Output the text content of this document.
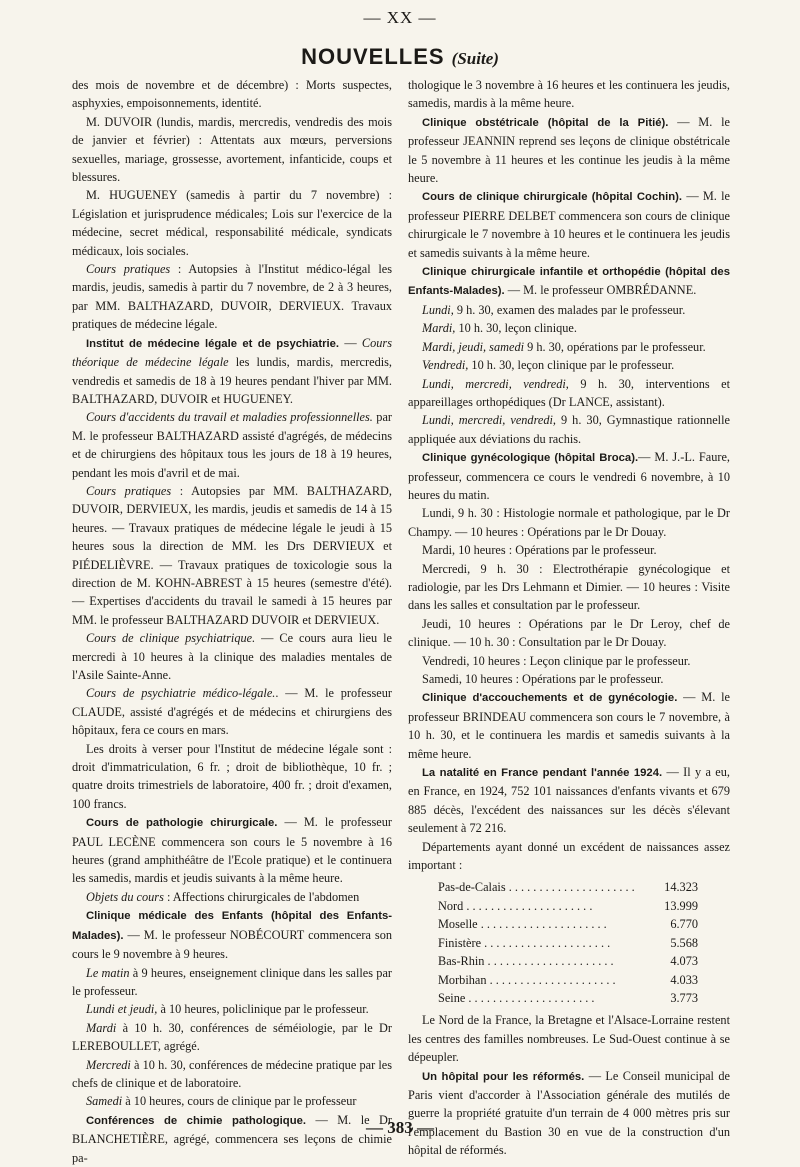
— XX —
NOUVELLES (Suite)

des mois de novembre et de décembre) : Morts suspectes, asphyxies, empoisonnements, identité.

M. DUVOIR (lundis, mardis, mercredis, vendredis des mois de janvier et février) : Attentats aux mœurs, perversions sexuelles, mariage, grossesse, avortement, infanticide, coups et blessures.

M. HUGUENEY (samedis à partir du 7 novembre) : Législation et jurisprudence médicales; Lois sur l'exercice de la médecine, secret médical, responsabilité médicale, syndicats médicaux, lois sociales.

Cours pratiques : Autopsies à l'Institut médico-légal les mardis, jeudis, samedis à partir du 7 novembre, de 2 à 3 heures, par MM. BALTHAZARD, DUVOIR, DERVIEUX. Travaux pratiques de médecine légale.

Institut de médecine légale et de psychiatrie. — Cours théorique de médecine légale les lundis, mardis, mercredis, vendredis et samedis de 18 à 19 heures pendant l'hiver par MM. BALTHAZARD, DUVOIR et HUGUENEY.

Cours d'accidents du travail et maladies professionnelles. par M. le professeur BALTHAZARD assisté d'agrégés, de médecins et de chirurgiens des hôpitaux tous les jours de 18 à 19 heures, pendant les mois d'avril et de mai.

Cours pratiques : Autopsies par MM. BALTHAZARD, DUVOIR, DERVIEUX, les mardis, jeudis et samedis de 14 à 15 heures. — Travaux pratiques de médecine légale le jeudi à 15 heures sous la direction de MM. les Drs DERVIEUX et PIÉDELIÈVRE. — Travaux pratiques de toxicologie sous la direction de M. KOHN-ABREST à 15 heures (semestre d'été). — Expertises d'accidents du travail le samedi à 15 heures par MM. le professeur BALTHAZARD DUVOIR et DERVIEUX.

Cours de clinique psychiatrique. — Ce cours aura lieu le mercredi à 10 heures à la clinique des maladies mentales de l'Asile Sainte-Anne.

Cours de psychiatrie médico-légale.. — M. le professeur CLAUDE, assisté d'agrégés et de médecins et chirurgiens des hôpitaux, fera ce cours en mars.

Les droits à verser pour l'Institut de médecine légale sont : droit d'immatriculation, 6 fr. ; droit de bibliothèque, 10 fr. ; quatre droits trimestriels de laboratoire, 400 fr. ; droit d'examen, 100 francs.

Cours de pathologie chirurgicale. — M. le professeur PAUL LECÈNE commencera son cours le 5 novembre à 16 heures (grand amphithéâtre de l'Ecole pratique) et le continuera les samedis, mardis et jeudis suivants à la même heure.

Objets du cours : Affections chirurgicales de l'abdomen

Clinique médicale des Enfants (hôpital des Enfants-Malades). — M. le professeur NOBÉCOURT commencera son cours le 9 novembre à 9 heures.

Le matin à 9 heures, enseignement clinique dans les salles par le professeur.

Lundi et jeudi, à 10 heures, policlinique par le professeur.

Mardi à 10 h. 30, conférences de séméiologie, par le Dr LEREBOULLET, agrégé.

Mercredi à 10 h. 30, conférences de médecine pratique par les chefs de clinique et de laboratoire.

Samedi à 10 heures, cours de clinique par le professeur

Conférences de chimie pathologique. — M. le Dr BLANCHETIÈRE, agrégé, commencera ses leçons de chimie pa-

thologique le 3 novembre à 16 heures et les continuera les jeudis, samedis, mardis à la même heure.

Clinique obstétricale (hôpital de la Pitié). — M. le professeur JEANNIN reprend ses leçons de clinique obstétricale le 5 novembre à 11 heures et les continue les jeudis à la même heure.

Cours de clinique chirurgicale (hôpital Cochin). — M. le professeur PIERRE DELBET commencera son cours de clinique chirurgicale le 7 novembre à 10 heures et le continuera les jeudis et samedis suivants à la même heure.

Clinique chirurgicale infantile et orthopédie (hôpital des Enfants-Malades). — M. le professeur OMBRÉDANNE.

Lundi, 9 h. 30, examen des malades par le professeur.

Mardi, 10 h. 30, leçon clinique.

Mardi, jeudi, samedi 9 h. 30, opérations par le professeur.

Vendredi, 10 h. 30, leçon clinique par le professeur.

Lundi, mercredi, vendredi, 9 h. 30, interventions et appareillages orthopédiques (Dr LANCE, assistant).

Lundi, mercredi, vendredi, 9 h. 30, Gymnastique rationnelle appliquée aux déviations du rachis.

Clinique gynécologique (hôpital Broca).— M. J.-L. Faure, professeur, commencera ce cours le vendredi 6 novembre, à 10 heures du matin.

Lundi, 9 h. 30 : Histologie normale et pathologique, par le Dr Champy. — 10 heures : Opérations par le Dr Douay.

Mardi, 10 heures : Opérations par le professeur.

Mercredi, 9 h. 30 : Electrothérapie gynécologique et radiologie, par les Drs Lehmann et Dimier. — 10 heures : Visite dans les salles et consultation par le professeur.

Jeudi, 10 heures : Opérations par le Dr Leroy, chef de clinique. — 10 h. 30 : Consultation par le Dr Douay.

Vendredi, 10 heures : Leçon clinique par le professeur.

Samedi, 10 heures : Opérations par le professeur.

Clinique d'accouchements et de gynécologie. — M. le professeur BRINDEAU commencera son cours le 7 novembre, à 10 h. 30, et le continuera les mardis et samedis suivants à la même heure.

La natalité en France pendant l'année 1924. — Il y a eu, en France, en 1924, 752 101 naissances d'enfants vivants et 679 885 décès, l'excédent des naissances sur les décès s'élevant seulement à 72 216.

Départements ayant donné un excédent de naissances assez important :

Pas-de-Calais . . .	14.323
Nord . . .	13.999
Moselle . . .	6.770
Finistère . . .	5.568
Bas-Rhin . . .	4.073
Morbihan . . .	4.033
Seine . . .	3.773

Le Nord de la France, la Bretagne et l'Alsace-Lorraine restent les centres des familles nombreuses. Le Sud-Ouest continue à se dépeupler.

Un hôpital pour les réformés. — Le Conseil municipal de Paris vient d'accorder à l'Association générale des mutilés de guerre la propriété gratuite d'un terrain de 4 000 mètres pris sur l'emplacement du Bastion 30 en vue de la construction d'un hôpital de réformés.

— 383 —
